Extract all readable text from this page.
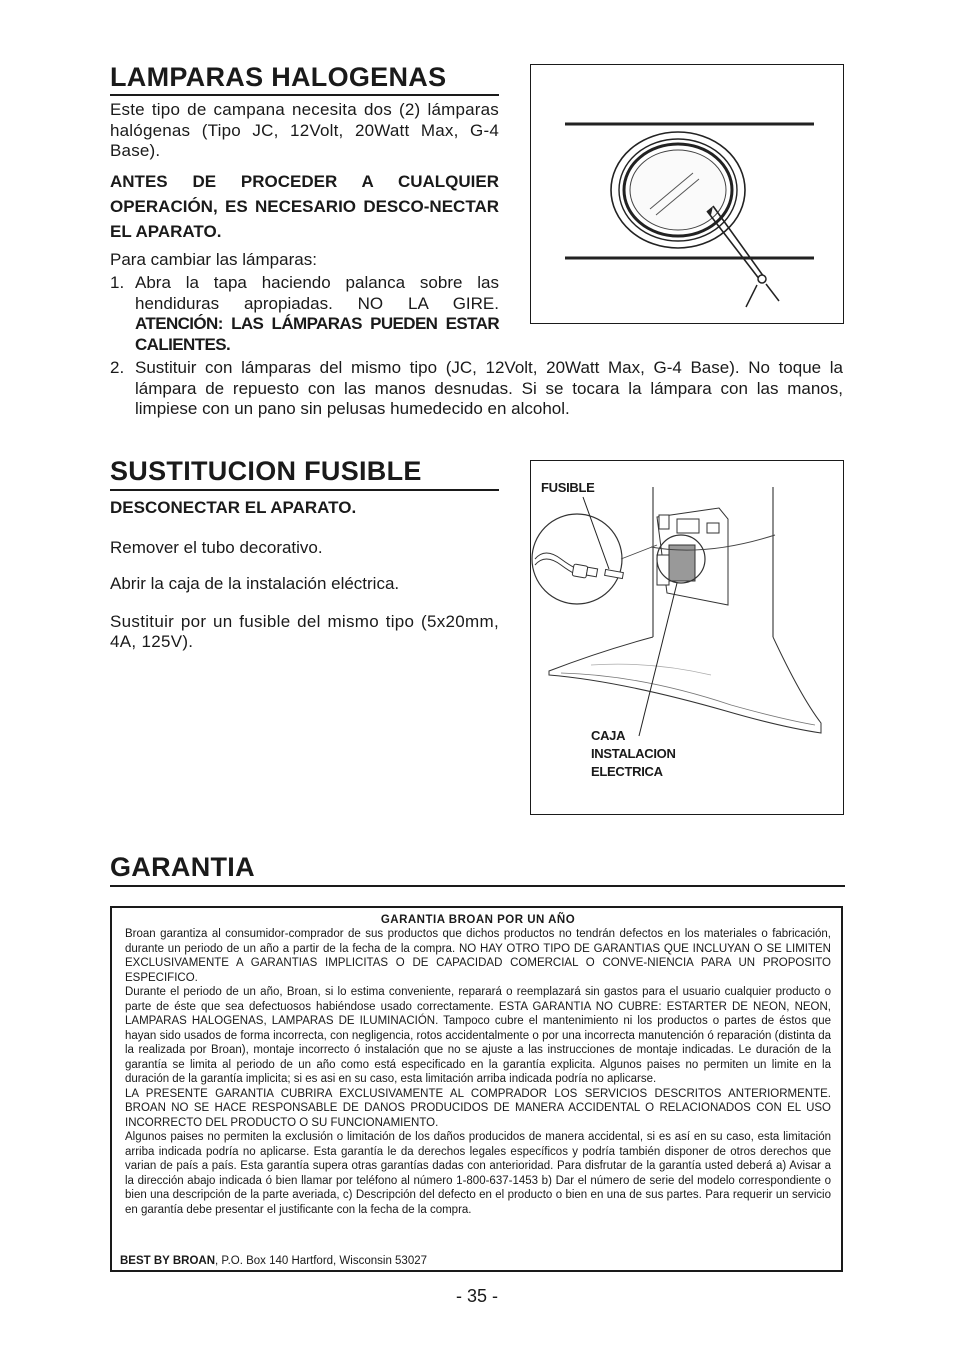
LAMPARAS HALOGENAS

Este tipo de campana necesita dos (2) lámparas halógenas (Tipo JC, 12Volt, 20Watt Max, G-4 Base).

ANTES DE PROCEDER A CUALQUIER OPERACIÓN, ES NECESARIO DESCO-NECTAR EL APARATO.

Para cambiar las lámparas:

1. Abra la tapa haciendo palanca sobre las hendiduras apropiadas. NO LA GIRE. ATENCIÓN: LAS LÁMPARAS PUEDEN ESTAR CALIENTES.
2. Sustituir con lámparas del mismo tipo (JC, 12Volt, 20Watt Max, G-4 Base). No toque la lámpara de repuesto con las manos desnudas. Si se tocara la lámpara con las manos, limpiese con un pano sin pelusas humedecido en alcohol.
SUSTITUCION FUSIBLE

DESCONECTAR EL APARATO.

Remover el tubo decorativo.

Abrir la caja de la instalación eléctrica.

Sustituir por un fusible del mismo tipo (5x20mm, 4A, 125V).

FUSIBLE
CAJA
INSTALACION
ELECTRICA
GARANTIA

GARANTIA BROAN POR UN AÑO

Broan garantiza al consumidor-comprador de sus productos que dichos productos no tendrán defectos en los materiales o fabricación, durante un periodo de un año a partir de la fecha de la compra. NO HAY OTRO TIPO DE GARANTIAS QUE INCLUYAN O SE LIMITEN EXCLUSIVAMENTE A GARANTIAS IMPLICITAS O DE CAPACIDAD COMERCIAL O CONVE-NIENCIA PARA UN PROPOSITO ESPECIFICO.

Durante el periodo de un año, Broan, si lo estima conveniente, reparará o reemplazará sin gastos para el usuario cualquier producto o parte de éste que sea defectuosos habiéndose usado correctamente. ESTA GARANTIA NO CUBRE: ESTARTER DE NEON, NEON, LAMPARAS HALOGENAS, LAMPARAS DE ILUMINACIÓN. Tampoco cubre el mantenimiento ni los productos o partes de éstos que hayan sido usados de forma incorrecta, con negligencia, rotos accidentalmente o por una incorrecta manutención ó reparación (distinta da la realizada por Broan), montaje incorrecto ó instalación que no se ajuste a las instrucciones de montaje indicadas. Le duración de la garantía se limita al periodo de un año como está especificado en la garantía explicita. Algunos paises no permiten un limite en la duración de la garantía implicita; si es asi en su caso, esta limitación arriba indicada podría no aplicarse.

LA PRESENTE GARANTIA CUBRIRA EXCLUSIVAMENTE AL COMPRADOR LOS SERVICIOS DESCRITOS ANTERIORMENTE. BROAN NO SE HACE RESPONSABLE DE DANOS PRODUCIDOS DE MANERA ACCIDENTAL O RELACIONADOS CON EL USO INCORRECTO DEL PRODUCTO O SU FUNCIONAMIENTO.

Algunos paises no permiten la exclusión o limitación de los daños producidos de manera accidental, si es así en su caso, esta limitación arriba indicada podría no aplicarse. Esta garantía le da derechos legales específicos y podría también disponer de otros derechos que varian de país a país. Esta garantía supera otras garantías dadas con anterioridad. Para disfrutar de la garantía usted deberá a) Avisar a la dirección abajo indicada ó bien llamar por teléfono al número 1-800-637-1453 b) Dar el número de serie del modelo correspondiente o bien una descripción de la parte averiada, c) Descripción del defecto en el producto o bien en una de sus partes. Para requerir un servicio en garantía debe presentar el justificante con la fecha de la compra.

BEST BY BROAN, P.O. Box 140 Hartford, Wisconsin 53027

- 35 -
